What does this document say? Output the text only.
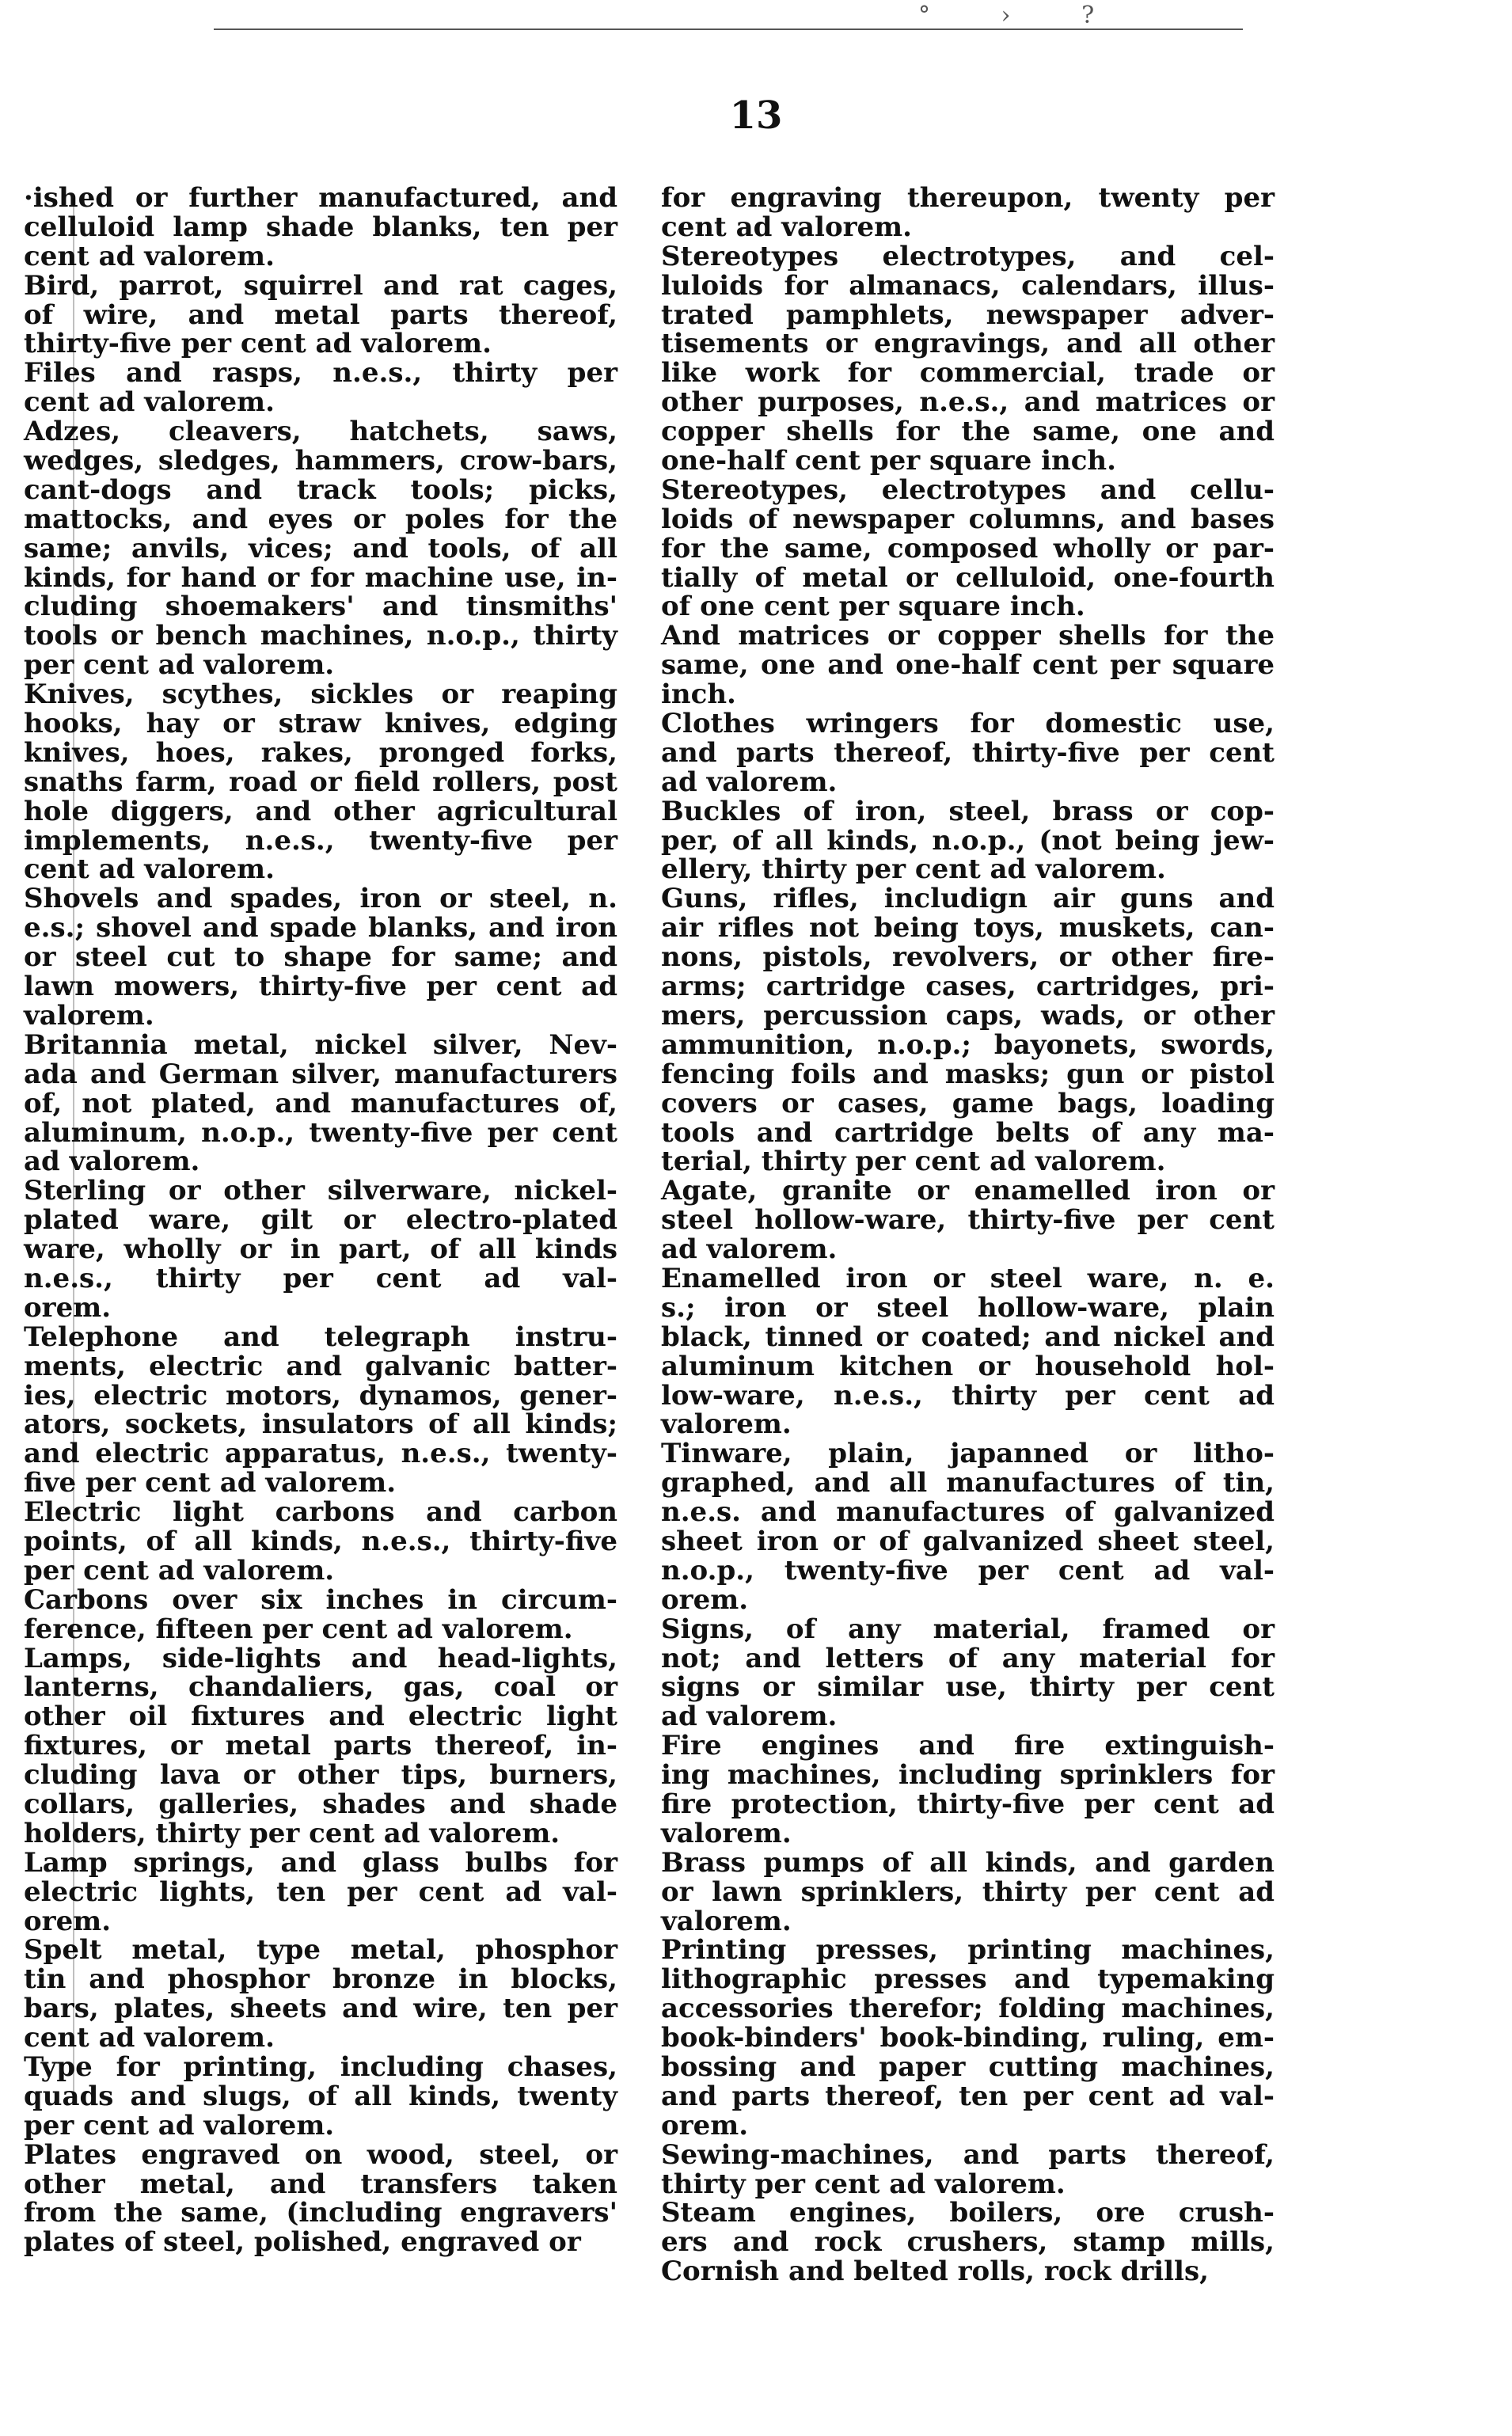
° › ?
13
·ished or further manufactured, and
celluloid lamp shade blanks, ten per
cent ad valorem.
Bird, parrot, squirrel and rat cages,
of wire, and metal parts thereof,
thirty-five per cent ad valorem.
Files and rasps, n.e.s., thirty per
cent ad valorem.
Adzes, cleavers, hatchets, saws,
wedges, sledges, hammers, crow-bars,
cant-dogs and track tools; picks,
mattocks, and eyes or poles for the
same; anvils, vices; and tools, of all
kinds, for hand or for machine use, in-
cluding shoemakers' and tinsmiths'
tools or bench machines, n.o.p., thirty
per cent ad valorem.
Knives, scythes, sickles or reaping
hooks, hay or straw knives, edging
knives, hoes, rakes, pronged forks,
snaths farm, road or field rollers, post
hole diggers, and other agricultural
implements, n.e.s., twenty-five per
cent ad valorem.
Shovels and spades, iron or steel, n.
e.s.; shovel and spade blanks, and iron
or steel cut to shape for same; and
lawn mowers, thirty-five per cent ad
valorem.
Britannia metal, nickel silver, Nev-
ada and German silver, manufacturers
of, not plated, and manufactures of,
aluminum, n.o.p., twenty-five per cent
ad valorem.
Sterling or other silverware, nickel-
plated ware, gilt or electro-plated
ware, wholly or in part, of all kinds
n.e.s., thirty per cent ad val-
orem.
Telephone and telegraph instru-
ments, electric and galvanic batter-
ies, electric motors, dynamos, gener-
ators, sockets, insulators of all kinds;
and electric apparatus, n.e.s., twenty-
five per cent ad valorem.
Electric light carbons and carbon
points, of all kinds, n.e.s., thirty-five
per cent ad valorem.
Carbons over six inches in circum-
ference, fifteen per cent ad valorem.
Lamps, side-lights and head-lights,
lanterns, chandaliers, gas, coal or
other oil fixtures and electric light
fixtures, or metal parts thereof, in-
cluding lava or other tips, burners,
collars, galleries, shades and shade
holders, thirty per cent ad valorem.
Lamp springs, and glass bulbs for
electric lights, ten per cent ad val-
orem.
Spelt metal, type metal, phosphor
tin and phosphor bronze in blocks,
bars, plates, sheets and wire, ten per
cent ad valorem.
Type for printing, including chases,
quads and slugs, of all kinds, twenty
per cent ad valorem.
Plates engraved on wood, steel, or
other metal, and transfers taken
from the same, (including engravers'
plates of steel, polished, engraved or
for engraving thereupon, twenty per
cent ad valorem.
Stereotypes electrotypes, and cel-
luloids for almanacs, calendars, illus-
trated pamphlets, newspaper adver-
tisements or engravings, and all other
like work for commercial, trade or
other purposes, n.e.s., and matrices or
copper shells for the same, one and
one-half cent per square inch.
Stereotypes, electrotypes and cellu-
loids of newspaper columns, and bases
for the same, composed wholly or par-
tially of metal or celluloid, one-fourth
of one cent per square inch.
And matrices or copper shells for the
same, one and one-half cent per square
inch.
Clothes wringers for domestic use,
and parts thereof, thirty-five per cent
ad valorem.
Buckles of iron, steel, brass or cop-
per, of all kinds, n.o.p., (not being jew-
ellery, thirty per cent ad valorem.
Guns, rifles, includign air guns and
air rifles not being toys, muskets, can-
nons, pistols, revolvers, or other fire-
arms; cartridge cases, cartridges, pri-
mers, percussion caps, wads, or other
ammunition, n.o.p.; bayonets, swords,
fencing foils and masks; gun or pistol
covers or cases, game bags, loading
tools and cartridge belts of any ma-
terial, thirty per cent ad valorem.
Agate, granite or enamelled iron or
steel hollow-ware, thirty-five per cent
ad valorem.
Enamelled iron or steel ware, n. e.
s.; iron or steel hollow-ware, plain
black, tinned or coated; and nickel and
aluminum kitchen or household hol-
low-ware, n.e.s., thirty per cent ad
valorem.
Tinware, plain, japanned or litho-
graphed, and all manufactures of tin,
n.e.s. and manufactures of galvanized
sheet iron or of galvanized sheet steel,
n.o.p., twenty-five per cent ad val-
orem.
Signs, of any material, framed or
not; and letters of any material for
signs or similar use, thirty per cent
ad valorem.
Fire engines and fire extinguish-
ing machines, including sprinklers for
fire protection, thirty-five per cent ad
valorem.
Brass pumps of all kinds, and garden
or lawn sprinklers, thirty per cent ad
valorem.
Printing presses, printing machines,
lithographic presses and typemaking
accessories therefor; folding machines,
book-binders' book-binding, ruling, em-
bossing and paper cutting machines,
and parts thereof, ten per cent ad val-
orem.
Sewing-machines, and parts thereof,
thirty per cent ad valorem.
Steam engines, boilers, ore crush-
ers and rock crushers, stamp mills,
Cornish and belted rolls, rock drills,
